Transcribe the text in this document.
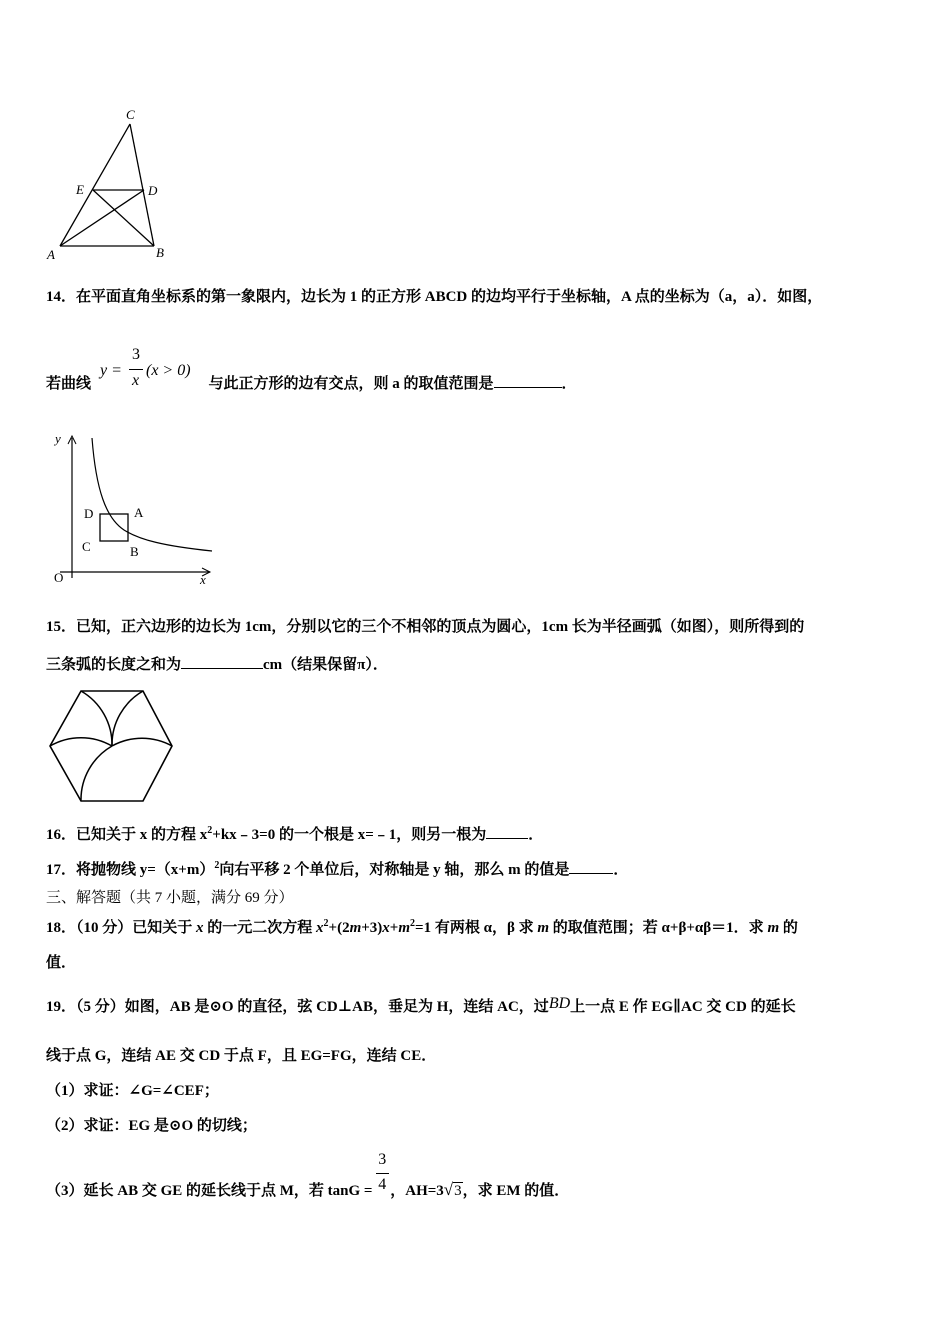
C
E	D
A	B
14．在平面直角坐标系的第一象限内，边长为 1 的正方形 ABCD 的边均平行于坐标轴，A 点的坐标为（a，a）．如图，
若曲线	与此正方形的边有交点，则 a 的取值范围是	．
y =
3
x
(x > 0)
y
x
O
D	A
C	B
15．已知，正六边形的边长为 1cm，分别以它的三个不相邻的顶点为圆心，1cm 长为半径画弧（如图），则所得到的
三条弧的长度之和为	cm（结果保留π）．
16．已知关于 x 的方程 $x^2+kx﹣3=0$ 的一个根是 x=﹣1，则另一根为	．
17．将抛物线 $y=(x+m)^2$向右平移 2 个单位后，对称轴是 y 轴，那么 m 的值是	．
三、解答题（共 7 小题，满分 69 分）
18．（10 分）已知关于 x 的一元二次方程 $x^2+(2m+3)x+m^2=1$ 有两根 α，β 求 m 的取值范围；若 α+β+αβ＝1．求 m 的
值．
19．（5 分）如图，AB 是⊙O 的直径，弦 CD⊥AB，垂足为 H，连结 AC，过BD上一点 E 作 EG∥AC 交 CD 的延长
线于点 G，连结 AE 交 CD 于点 F，且 EG=FG，连结 CE．
（1）求证：∠G=∠CEF；
（2）求证：EG 是⊙O 的切线；
（3）延长 AB 交 GE 的延长线于点 M，若 $\tan G = \frac{3}{4}$ ，AH=3√3，求 EM 的值．
